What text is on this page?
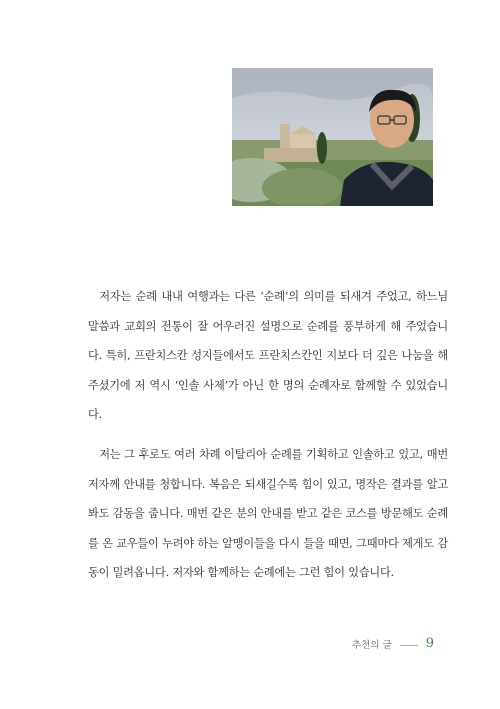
저자는 순례 내내 여행과는 다른 ‘순례’의 의미를 되새겨 주었고, 하느님 말씀과 교회의 전통이 잘 어우러진 설명으로 순례를 풍부하게 해 주었습니다. 특히, 프란치스칸 성지들에서도 프란치스칸인 지보다 더 깊은 나눔을 해 주셨기에 저 역시 ‘인솔 사제’가 아닌 한 명의 순례자로 함께할 수 있었습니다.

저는 그 후로도 여러 차례 이탈리아 순례를 기획하고 인솔하고 있고, 매번 저자께 안내를 청합니다. 복음은 되새길수록 힘이 있고, 명작은 결과를 알고 봐도 감동을 줍니다. 매번 같은 분의 안내를 받고 같은 코스를 방문해도 순례를 온 교우들이 누려야 하는 알맹이들을 다시 들을 때면, 그때마다 제게도 감동이 밀려옵니다. 저자와 함께하는 순례에는 그런 힘이 있습니다.

추천의 글	9
